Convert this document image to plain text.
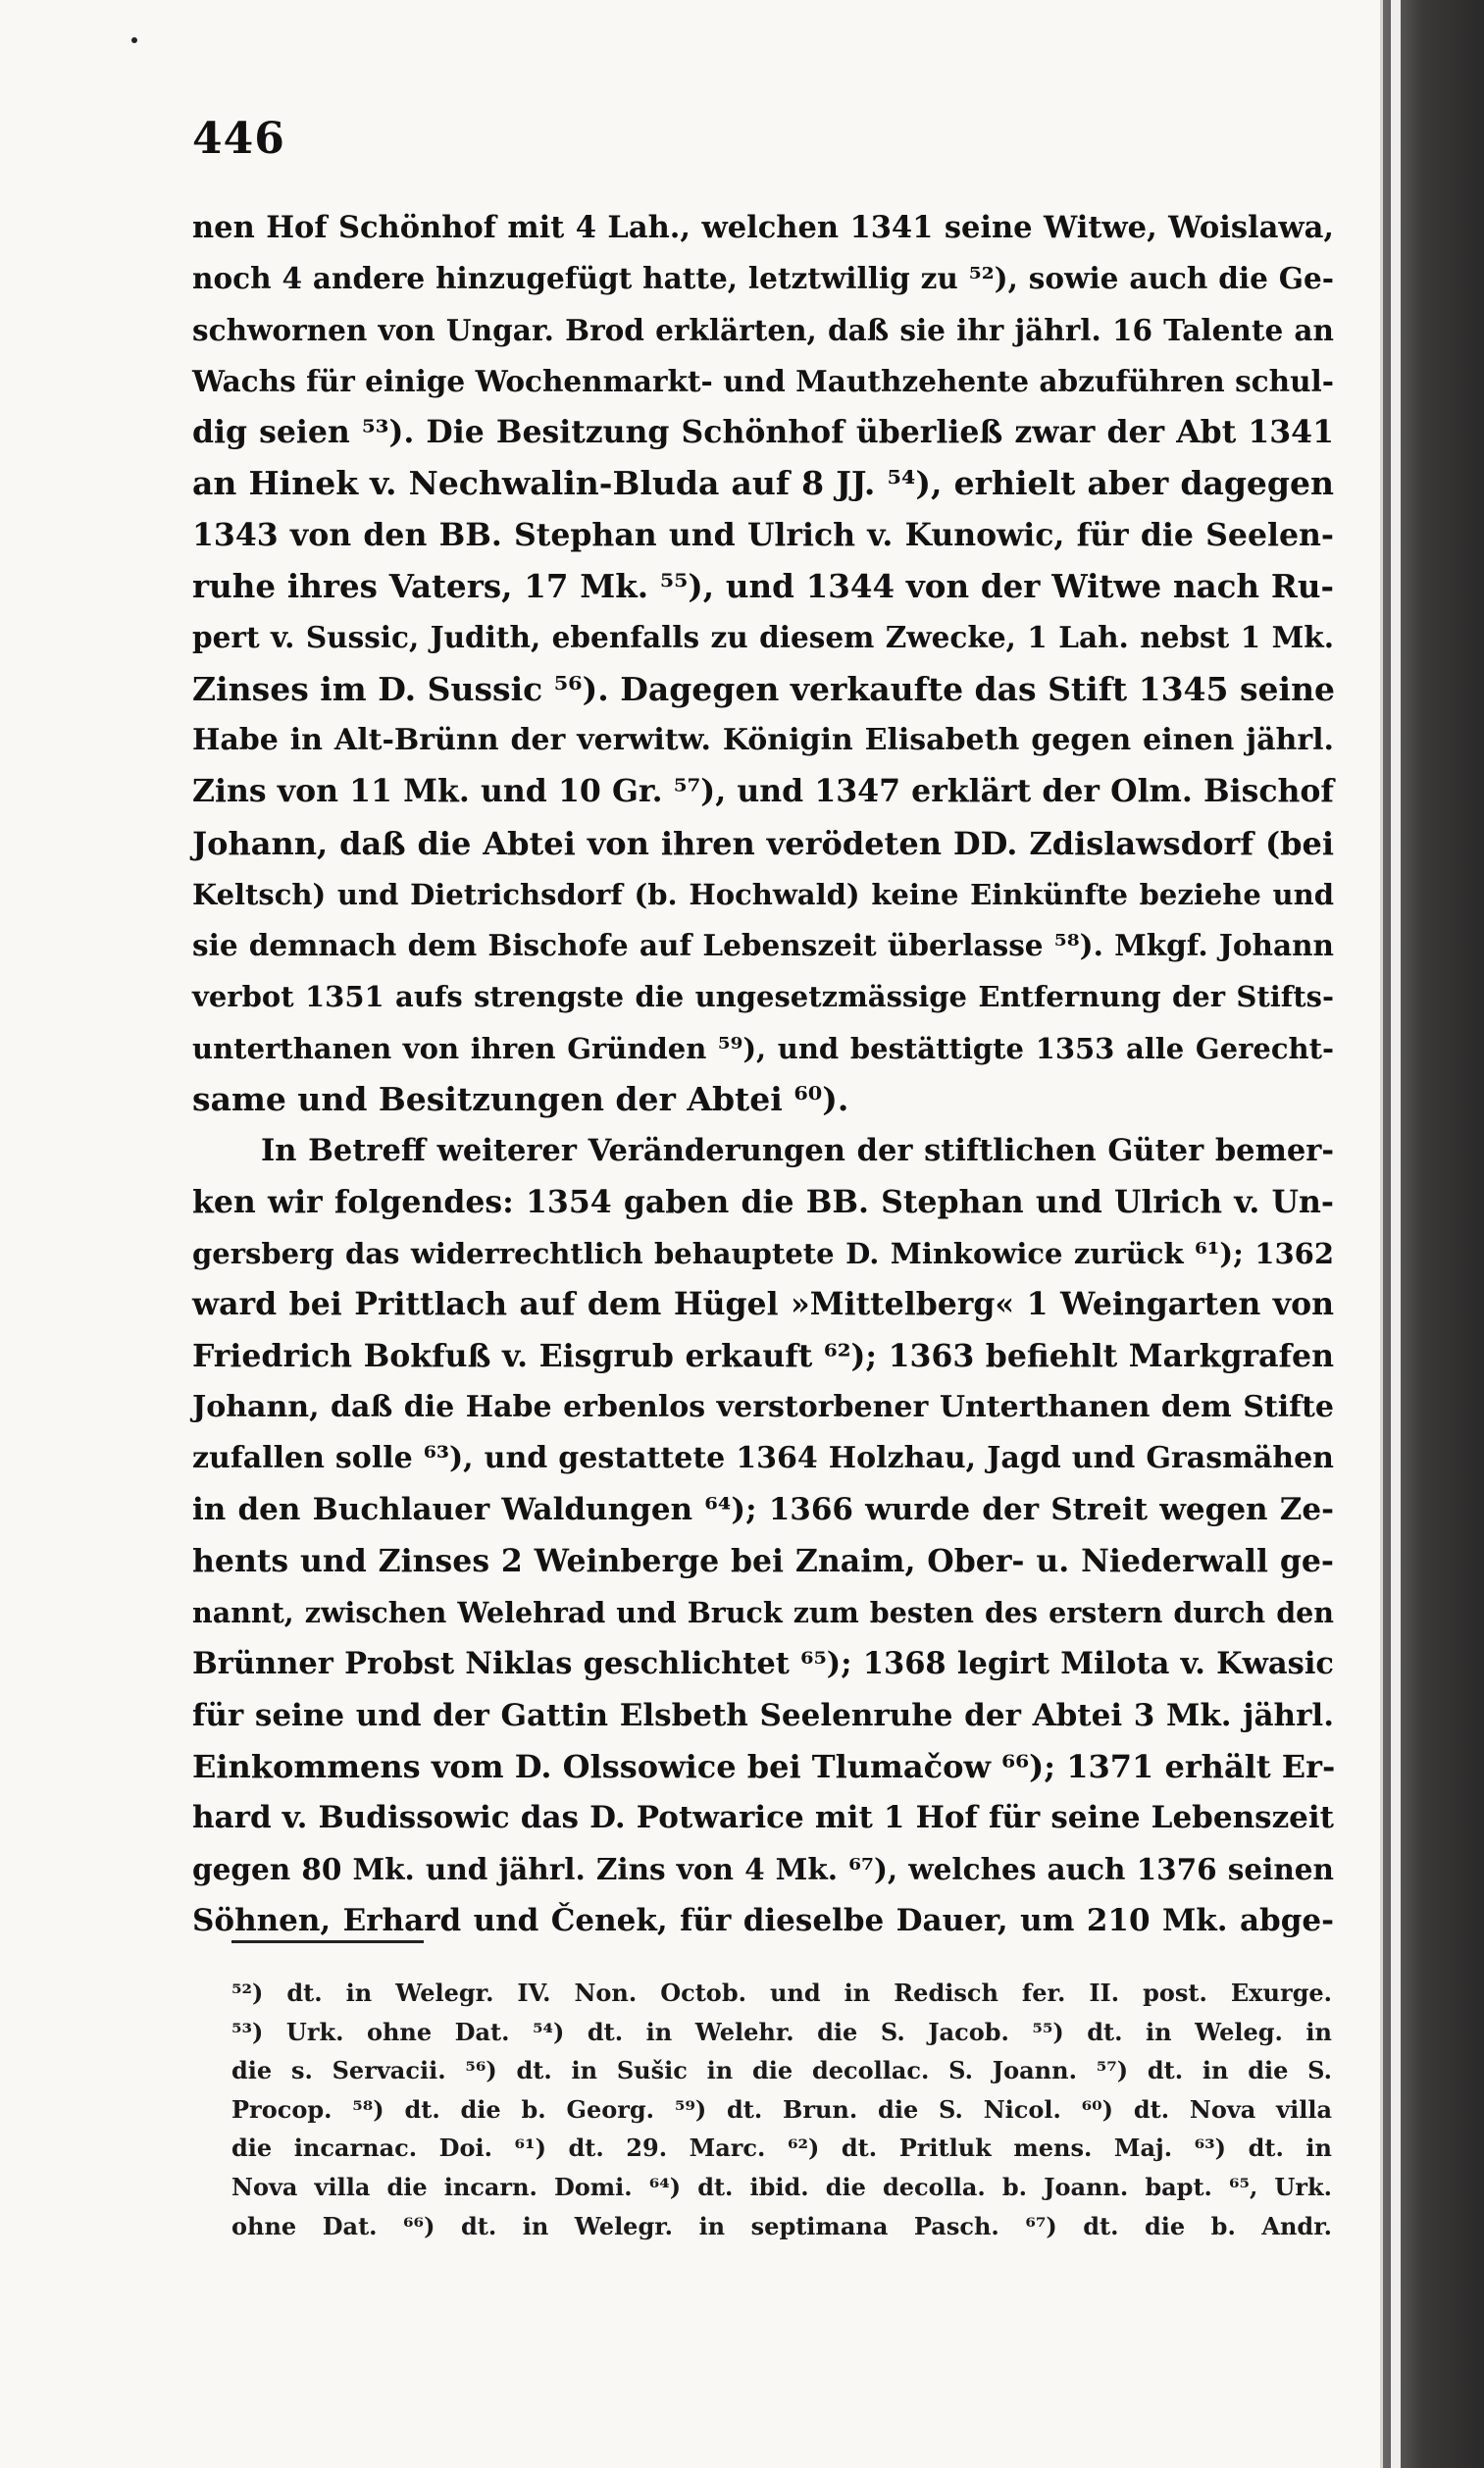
446
nen Hof Schönhof mit 4 Lah., welchen 1341 seine Witwe, Woislawa,
noch 4 andere hinzugefügt hatte, letztwillig zu ⁵²), sowie auch die Ge-
schwornen von Ungar. Brod erklärten, daß sie ihr jährl. 16 Talente an
Wachs für einige Wochenmarkt- und Mauthzehente abzuführen schul-
dig seien ⁵³). Die Besitzung Schönhof überließ zwar der Abt 1341
an Hinek v. Nechwalin-Bluda auf 8 JJ. ⁵⁴), erhielt aber dagegen
1343 von den BB. Stephan und Ulrich v. Kunowic, für die Seelen-
ruhe ihres Vaters, 17 Mk. ⁵⁵), und 1344 von der Witwe nach Ru-
pert v. Sussic, Judith, ebenfalls zu diesem Zwecke, 1 Lah. nebst 1 Mk.
Zinses im D. Sussic ⁵⁶). Dagegen verkaufte das Stift 1345 seine
Habe in Alt-Brünn der verwitw. Königin Elisabeth gegen einen jährl.
Zins von 11 Mk. und 10 Gr. ⁵⁷), und 1347 erklärt der Olm. Bischof
Johann, daß die Abtei von ihren verödeten DD. Zdislawsdorf (bei
Keltsch) und Dietrichsdorf (b. Hochwald) keine Einkünfte beziehe und
sie demnach dem Bischofe auf Lebenszeit überlasse ⁵⁸). Mkgf. Johann
verbot 1351 aufs strengste die ungesetzmässige Entfernung der Stifts-
unterthanen von ihren Gründen ⁵⁹), und bestättigte 1353 alle Gerecht-
same und Besitzungen der Abtei ⁶⁰).
In Betreff weiterer Veränderungen der stiftlichen Güter bemer-
ken wir folgendes: 1354 gaben die BB. Stephan und Ulrich v. Un-
gersberg das widerrechtlich behauptete D. Minkowice zurück ⁶¹); 1362
ward bei Prittlach auf dem Hügel »Mittelberg« 1 Weingarten von
Friedrich Bokfuß v. Eisgrub erkauft ⁶²); 1363 befiehlt Markgrafen
Johann, daß die Habe erbenlos verstorbener Unterthanen dem Stifte
zufallen solle ⁶³), und gestattete 1364 Holzhau, Jagd und Grasmähen
in den Buchlauer Waldungen ⁶⁴); 1366 wurde der Streit wegen Ze-
hents und Zinses 2 Weinberge bei Znaim, Ober- u. Niederwall ge-
nannt, zwischen Welehrad und Bruck zum besten des erstern durch den
Brünner Probst Niklas geschlichtet ⁶⁵); 1368 legirt Milota v. Kwasic
für seine und der Gattin Elsbeth Seelenruhe der Abtei 3 Mk. jährl.
Einkommens vom D. Olssowice bei Tlumačow ⁶⁶); 1371 erhält Er-
hard v. Budissowic das D. Potwarice mit 1 Hof für seine Lebenszeit
gegen 80 Mk. und jährl. Zins von 4 Mk. ⁶⁷), welches auch 1376 seinen
Söhnen, Erhard und Čenek, für dieselbe Dauer, um 210 Mk. abge-
⁵²) dt. in Welegr. IV. Non. Octob. und in Redisch fer. II. post. Exurge.
⁵³) Urk. ohne Dat. ⁵⁴) dt. in Welehr. die S. Jacob. ⁵⁵) dt. in Weleg. in
die s. Servacii. ⁵⁶) dt. in Sušic in die decollac. S. Joann. ⁵⁷) dt. in die S.
Procop. ⁵⁸) dt. die b. Georg. ⁵⁹) dt. Brun. die S. Nicol. ⁶⁰) dt. Nova villa
die incarnac. Doi. ⁶¹) dt. 29. Marc. ⁶²) dt. Pritluk mens. Maj. ⁶³) dt. in
Nova villa die incarn. Domi. ⁶⁴) dt. ibid. die decolla. b. Joann. bapt. ⁶⁵, Urk.
ohne Dat. ⁶⁶) dt. in Welegr. in septimana Pasch. ⁶⁷) dt. die b. Andr.
